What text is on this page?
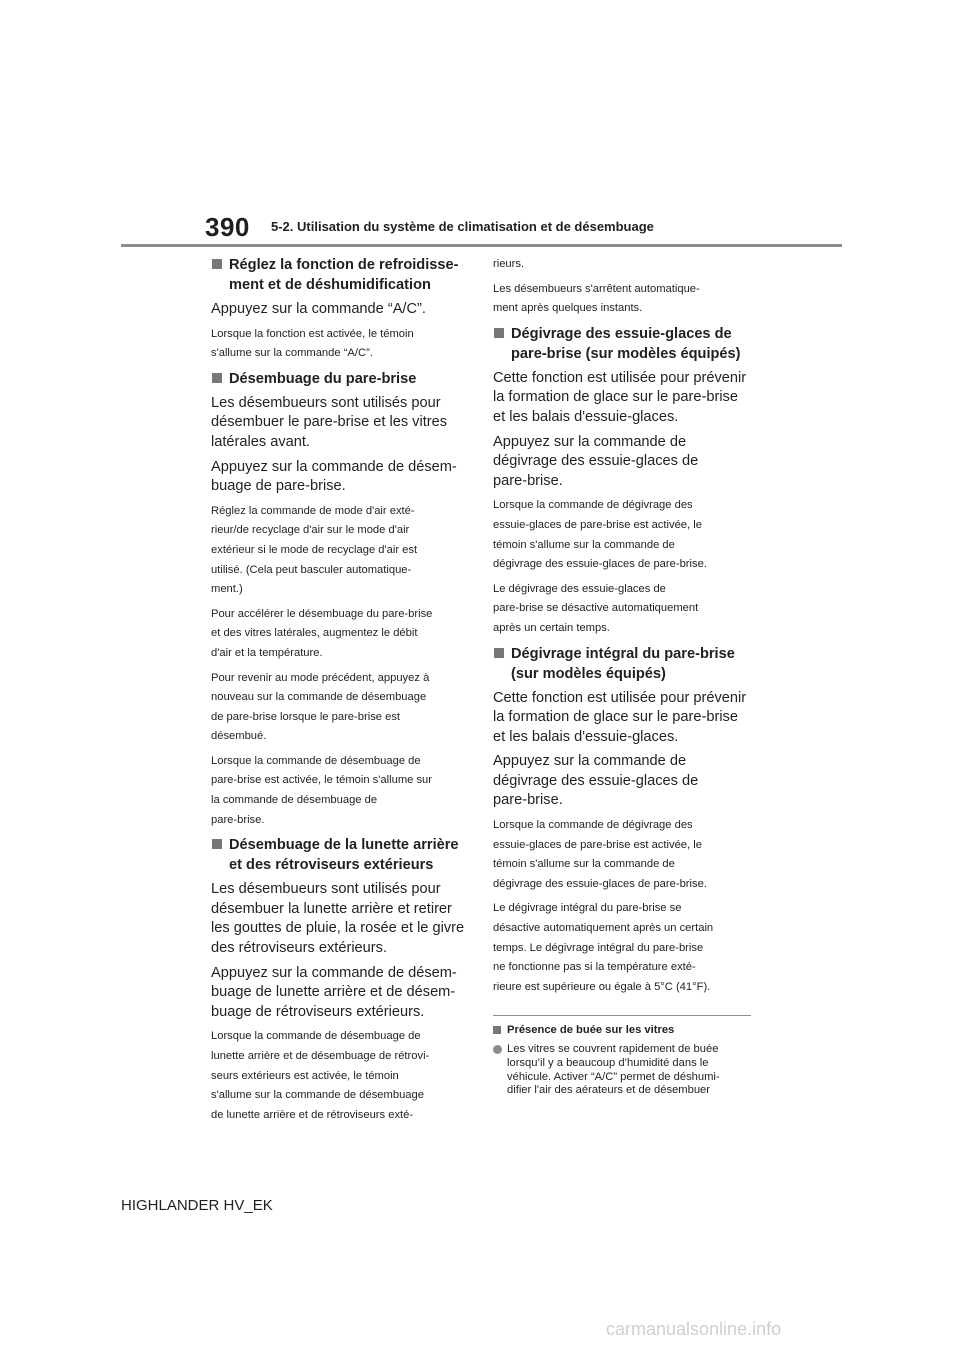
390 5-2. Utilisation du système de climatisation et de désembuage
Réglez la fonction de refroidisse-
ment et de déshumidification

Appuyez sur la commande “A/C”.

Lorsque la fonction est activée, le témoin
s'allume sur la commande “A/C”.

Désembuage du pare-brise

Les désembueurs sont utilisés pour
désembuer le pare-brise et les vitres
latérales avant.

Appuyez sur la commande de désem-
buage de pare-brise.

Réglez la commande de mode d'air exté-
rieur/de recyclage d'air sur le mode d'air
extérieur si le mode de recyclage d'air est
utilisé. (Cela peut basculer automatique-
ment.)

Pour accélérer le désembuage du pare-brise
et des vitres latérales, augmentez le débit
d'air et la température.

Pour revenir au mode précédent, appuyez à
nouveau sur la commande de désembuage
de pare-brise lorsque le pare-brise est
désembué.

Lorsque la commande de désembuage de
pare-brise est activée, le témoin s'allume sur
la commande de désembuage de
pare-brise.

Désembuage de la lunette arrière
et des rétroviseurs extérieurs

Les désembueurs sont utilisés pour
désembuer la lunette arrière et retirer
les gouttes de pluie, la rosée et le givre
des rétroviseurs extérieurs.

Appuyez sur la commande de désem-
buage de lunette arrière et de désem-
buage de rétroviseurs extérieurs.

Lorsque la commande de désembuage de
lunette arrière et de désembuage de rétrovi-
seurs extérieurs est activée, le témoin
s'allume sur la commande de désembuage
de lunette arrière et de rétroviseurs exté-

rieurs.

Les désembueurs s'arrêtent automatique-
ment après quelques instants.

Dégivrage des essuie-glaces de
pare-brise (sur modèles équipés)

Cette fonction est utilisée pour prévenir
la formation de glace sur le pare-brise
et les balais d'essuie-glaces.

Appuyez sur la commande de
dégivrage des essuie-glaces de
pare-brise.

Lorsque la commande de dégivrage des
essuie-glaces de pare-brise est activée, le
témoin s'allume sur la commande de
dégivrage des essuie-glaces de pare-brise.

Le dégivrage des essuie-glaces de
pare-brise se désactive automatiquement
après un certain temps.

Dégivrage intégral du pare-brise
(sur modèles équipés)

Cette fonction est utilisée pour prévenir
la formation de glace sur le pare-brise
et les balais d'essuie-glaces.

Appuyez sur la commande de
dégivrage des essuie-glaces de
pare-brise.

Lorsque la commande de dégivrage des
essuie-glaces de pare-brise est activée, le
témoin s'allume sur la commande de
dégivrage des essuie-glaces de pare-brise.

Le dégivrage intégral du pare-brise se
désactive automatiquement après un certain
temps. Le dégivrage intégral du pare-brise
ne fonctionne pas si la température exté-
rieure est supérieure ou égale à 5°C (41°F).

Présence de buée sur les vitres
Les vitres se couvrent rapidement de buée
lorsqu’il y a beaucoup d’humidité dans le
véhicule. Activer “A/C” permet de déshumi-
difier l'air des aérateurs et de désembuer
HIGHLANDER HV_EK
carmanualsonline.info
